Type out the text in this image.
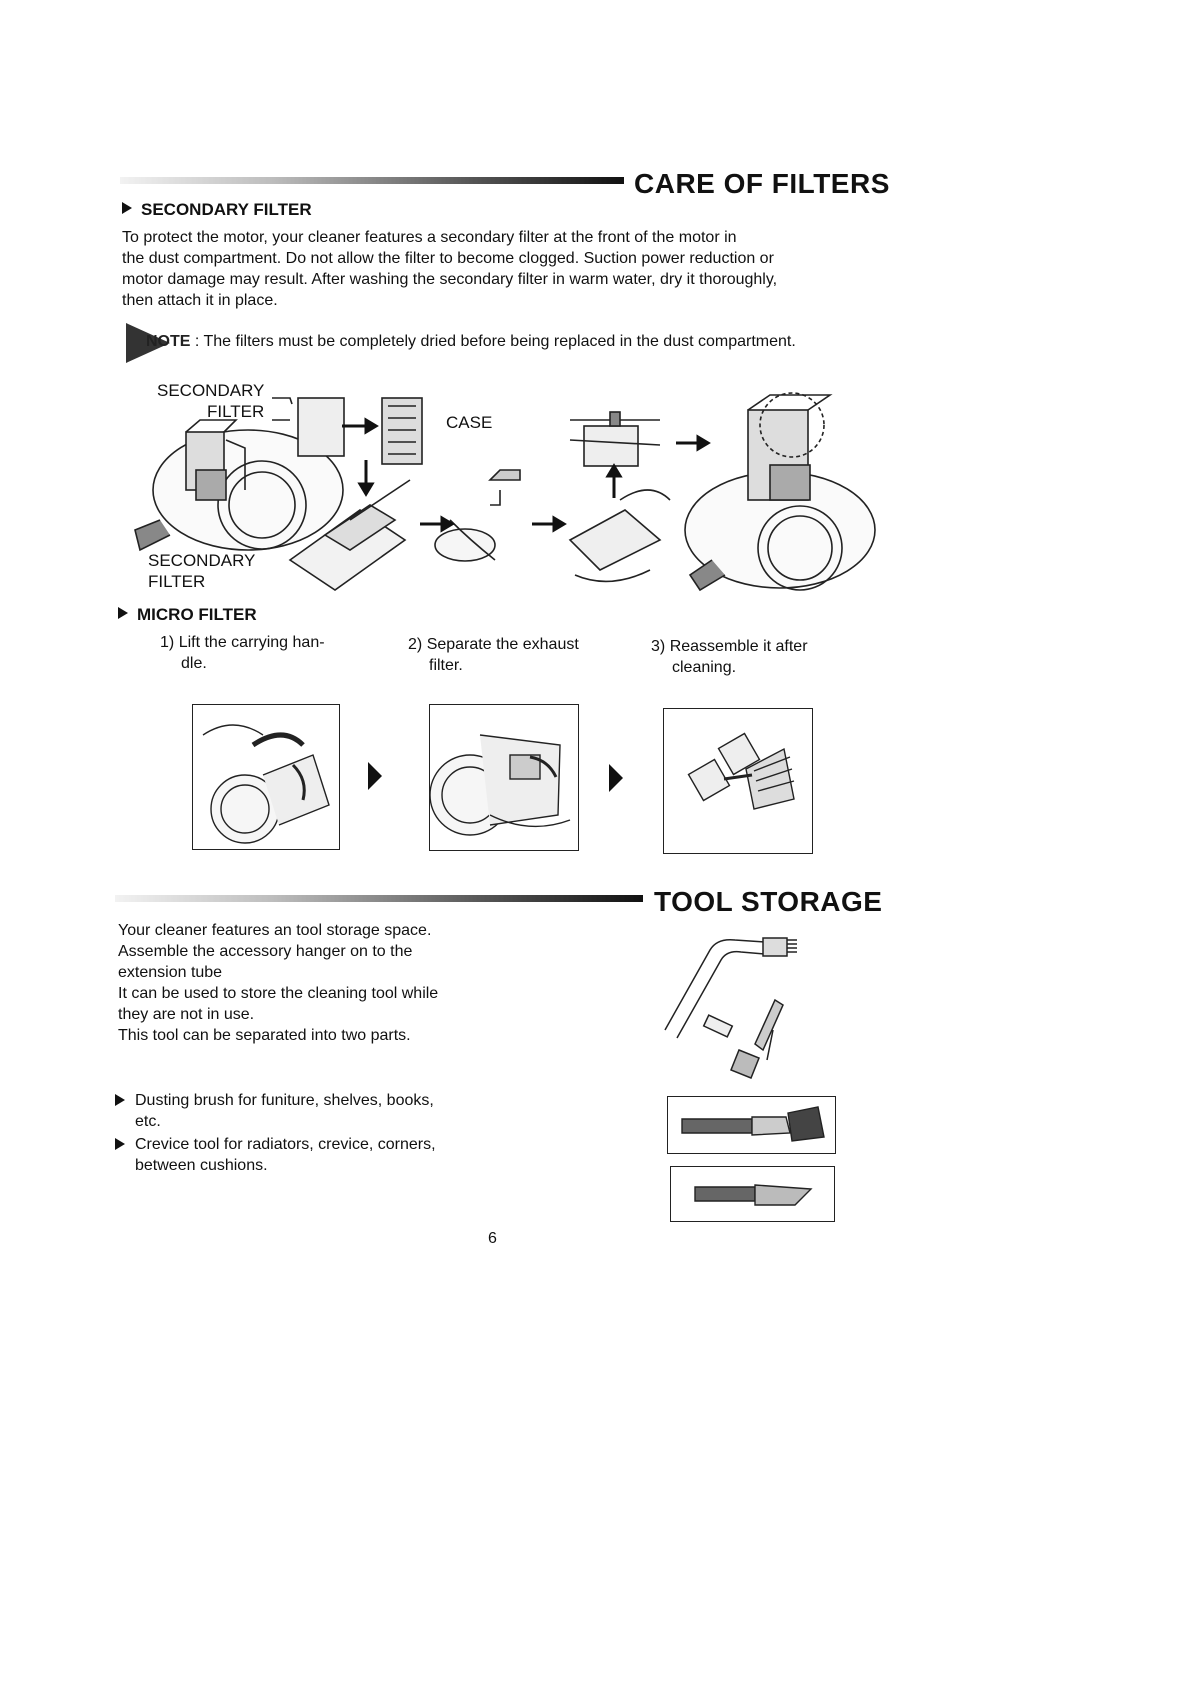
CARE OF FILTERS
SECONDARY FILTER
To protect the motor, your cleaner features a secondary filter at the front of the motor in
the dust compartment. Do not allow the filter to become clogged. Suction power reduction or
motor damage may result. After washing the secondary filter in warm water, dry it thoroughly,
then attach it in place.
NOTE : The filters must be completely dried before being replaced in the dust compartment.
SECONDARY
FILTER
CASE
SECONDARY
FILTER
MICRO FILTER
1) Lift the carrying han-
dle.
2) Separate the exhaust
filter.
3) Reassemble it after
cleaning.
TOOL STORAGE
Your cleaner features an tool storage space.
Assemble the accessory hanger on to the
extension tube
It can be used to store the cleaning tool while
they are not in use.
This tool can be separated into two parts.
Dusting brush for funiture, shelves, books,
etc.
Crevice tool for radiators, crevice, corners,
between cushions.
6
